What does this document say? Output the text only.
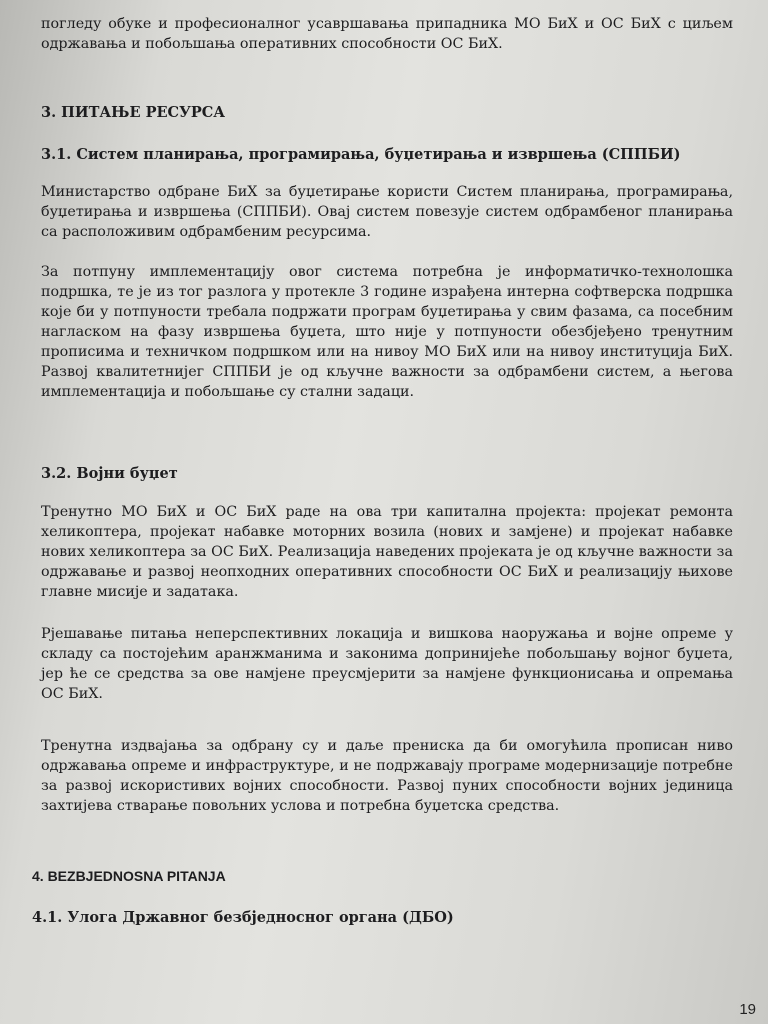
погледу обуке и професионалног усавршавања припадника МО БиХ и ОС БиХ с циљем одржавања и побољшања оперативних способности ОС БиХ.

3. ПИТАЊЕ РЕСУРСА

3.1. Систем планирања, програмирања, буџетирања и извршења (СППБИ)

Министарство одбране БиХ за буџетирање користи Систем планирања, програмирања, буџетирања и извршења (СППБИ). Овај систем повезује систем одбрамбеног планирања са расположивим одбрамбеним ресурсима.

За потпуну имплементацију овог система потребна је информатичко-технолошка подршка, те је из тог разлога у протекле 3 године израђена интерна софтверска подршка које би у потпуности требала подржати програм буџетирања у свим фазама, са посебним нагласком на фазу извршења буџета, што није у потпуности обезбјеђено тренутним прописима и техничком подршком или на нивоу МО БиХ или на нивоу институција БиХ. Развој квалитетнијег СППБИ је од кључне важности за одбрамбени систем, а његова имплементација и побољшање су стални задаци.

3.2. Војни буџет

Тренутно МО БиХ и ОС БиХ раде на ова три капитална пројекта: пројекат ремонта хеликоптера, пројекат набавке моторних возила (нових и замјене) и пројекат набавке нових хеликоптера за ОС БиХ. Реализација наведених пројеката је од кључне важности за одржавање и развој неопходних оперативних способности ОС БиХ и реализацију њихове главне мисије и задатака.

Рјешавање питања неперспективних локација и вишкова наоружања и војне опреме у складу са постојећим аранжманима и законима допринијеће побољшању војног буџета, јер ће се средства за ове намјене преусмјерити за намјене функционисања и опремања ОС БиХ.

Тренутна издвајања за одбрану су и даље прениска да би омогућила прописан ниво одржавања опреме и инфраструктуре, и не подржавају програме модернизације потребне за развој искористивих војних способности. Развој пуних способности војних јединица захтијева стварање повољних услова и потребна буџетска средства.

4. BEZBJEDNOSNA PITANJA

4.1. Улога Државног безбједносног органа (ДБО)

19
